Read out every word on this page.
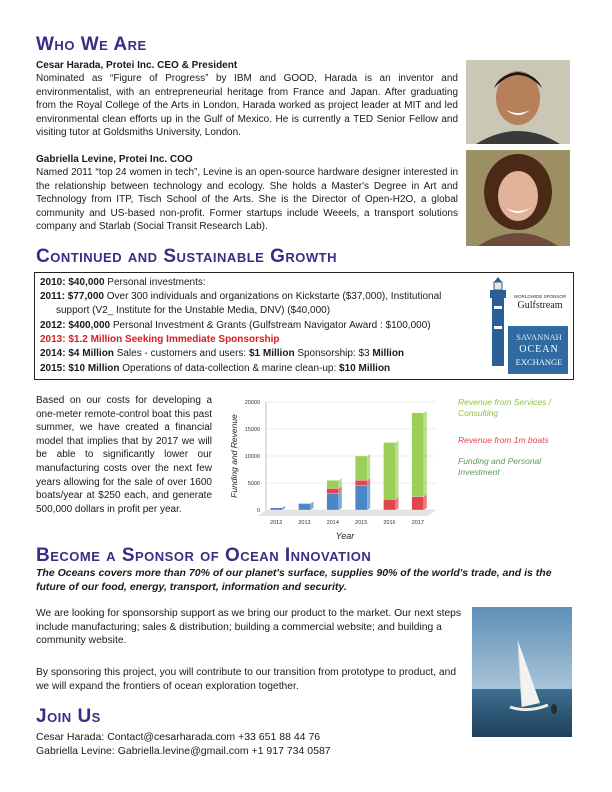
Who We Are
Cesar Harada, Protei Inc. CEO & President
Nominated as “Figure of Progress” by IBM and GOOD, Harada is an inventor and environmentalist, with an entrepreneurial heritage from France and Japan. After graduating from the Royal College of the Arts in London, Harada worked as project leader at MIT and led environmental clean efforts up in the Gulf of Mexico. He is currently a TED Senior Fellow and visiting tutor at Goldsmiths University, London.
Gabriella Levine, Protei Inc. COO
Named 2011 “top 24 women in tech”, Levine is an open-source hardware designer interested in the relationship between technology and ecology. She holds a Master's Degree in Art and Technology from ITP, Tisch School of the Arts. She is the Director of Open-H2O, a global community and US-based non-profit. Former startups include Weeels, a transport solutions company and Starlab (Social Transit Research Lab).
Continued and Sustainable Growth
2010: $40,000 Personal investments:
2011: $77,000 Over 300 individuals and organizations on Kickstarte ($37,000), Institutional
support (V2_ Institute for the Unstable Media, DNV) ($40,000)
2012: $400,000 Personal Investment & Grants (Gulfstream Navigator Award : $100,000)
2013: $1.2 Million Seeking Immediate Sponsorship
2014: $4 Million Sales - customers and users: $1 Million Sponsorship: $3 Million
2015: $10 Million Operations of data-collection & marine clean-up: $10 Million
WORLDWIDE SPONSOR
Gulfstream
SAVANNAH
OCEAN
EXCHANGE
Based on our costs for developing a one-meter remote-control boat this past summer, we have created a financial model that implies that by 2017 we will be able to significantly lower our manufacturing costs over the next few years allowing for the sale of over 1600 boats/year at $250 each, and generate 500,000 dollars in profit per year.	0
5000
10000
15000
20000
2012	2013	2014	2015	2016	2017
Year
Funding and Revenue
Revenue from Services / Consulting
Revenue from 1m boats
Funding and Personal Investment
Become a Sponsor of Ocean Innovation
The Oceans covers more than 70% of our planet's surface, supplies 90% of the world's trade, and is the future of our food, energy, transport, information and security.
We are looking for sponsorship support as we bring our product to the market. Our next steps include manufacturing; sales & distribution; building a commercial website; and building a community website.
By sponsoring this project, you will contribute to our transition from prototype to product, and we will expand the frontiers of ocean exploration together.
Join Us
Cesar Harada: Contact@cesarharada.com +33 651 88 44 76
Gabriella Levine: Gabriella.levine@gmail.com +1 917 734 0587
